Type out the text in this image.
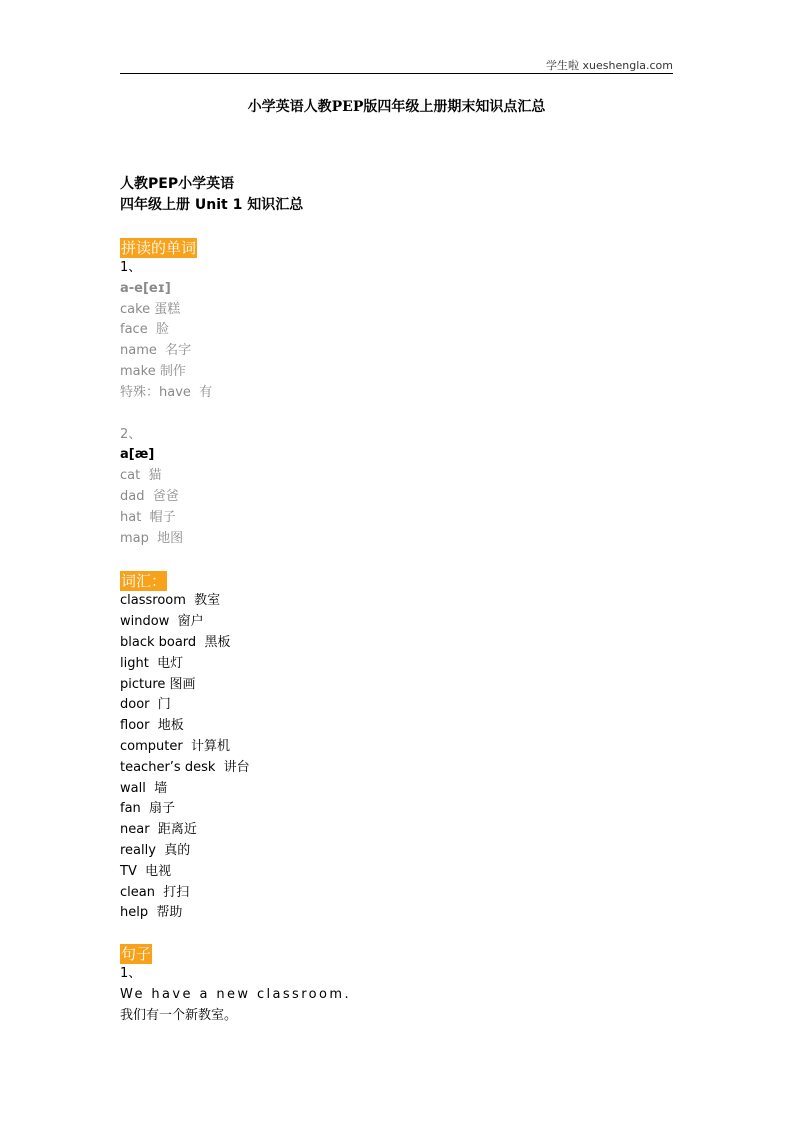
学生啦 xueshengla.com
小学英语人教PEP版四年级上册期末知识点汇总
人教PEP小学英语
四年级上册 Unit 1 知识汇总
拼读的单词
1、
a-e[eɪ]
cake 蛋糕
face  脸
name  名字
make 制作
特殊：have  有
2、
a[æ]
cat  猫
dad  爸爸
hat  帽子
map  地图
词汇：
classroom  教室
window  窗户
black board  黑板
light  电灯
picture 图画
door  门
floor  地板
computer  计算机
teacher’s desk  讲台
wall  墙
fan  扇子
near  距离近
really  真的
TV  电视
clean  打扫
help  帮助
句子
1、
We have a new classroom.
我们有一个新教室。
